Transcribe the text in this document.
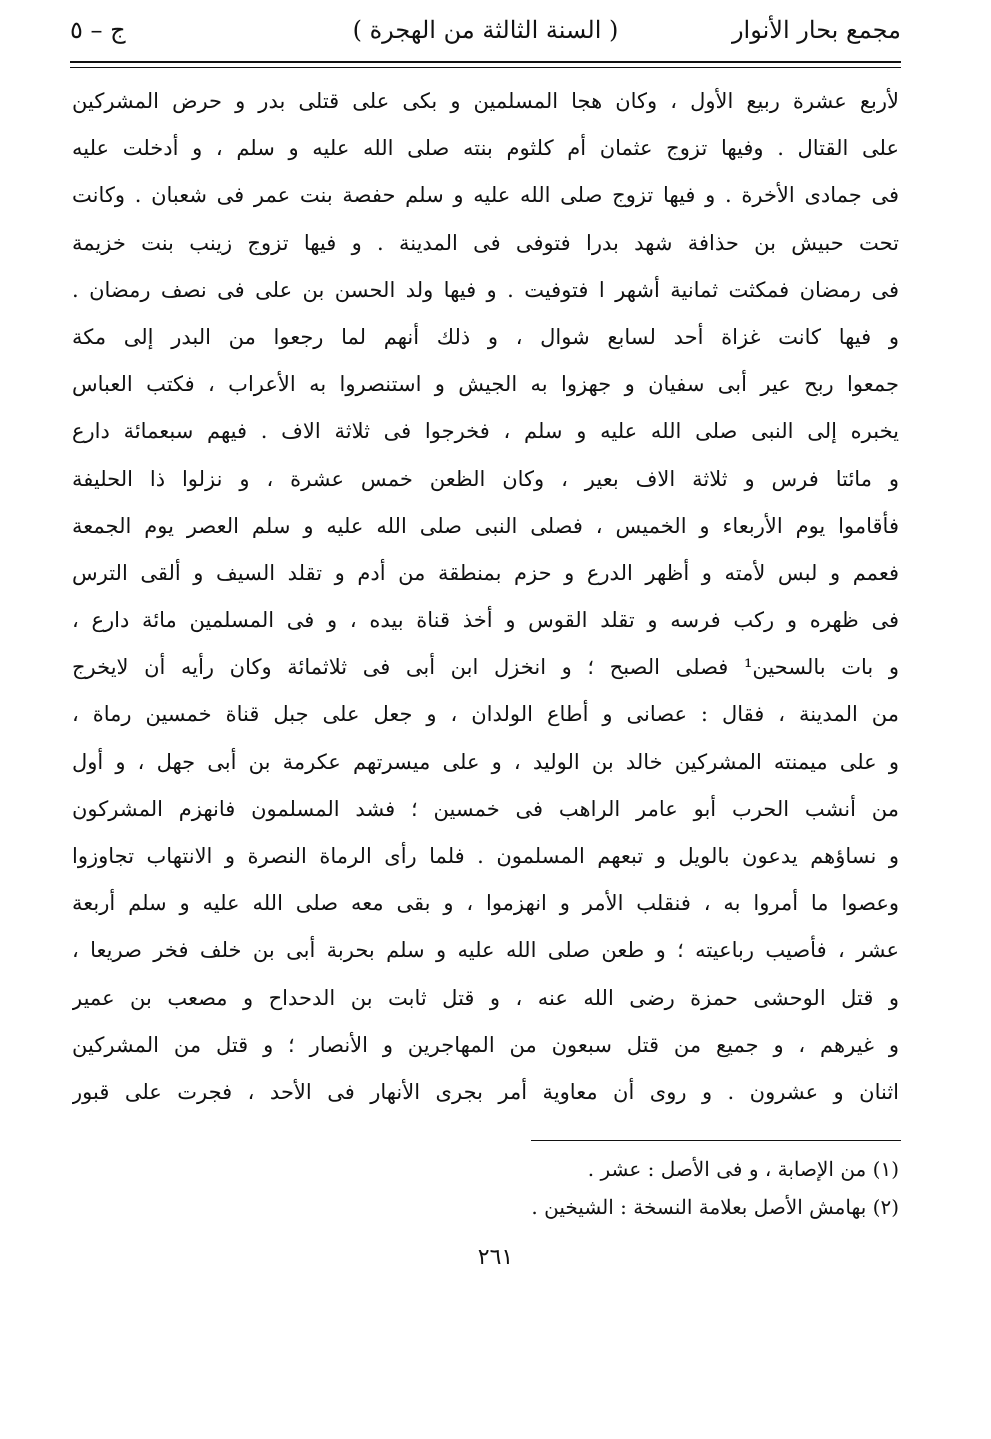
مجمع بحار الأنوار
( السنة الثالثة من الهجرة )
ج – ٥
لأربع عشرة ربيع الأول ، وكان هجا المسلمين و بكى على قتلى بدر و حرض المشركين
على القتال . وفيها تزوج عثمان أم كلثوم بنته صلى الله عليه و سلم ، و أدخلت عليه
فى جمادى الأخرة . و فيها تزوج صلى الله عليه و سلم حفصة بنت عمر فى شعبان . وكانت
تحت حبيش بن حذافة شهد بدرا فتوفى فى المدينة . و فيها تزوج زينب بنت خزيمة
فى رمضان فمكثت ثمانية أشهر ا فتوفيت . و فيها ولد الحسن بن على فى نصف رمضان .
و فيها كانت غزاة أحد لسابع شوال ، و ذلك أنهم لما رجعوا من البدر إلى مكة
جمعوا ربح عير أبى سفيان و جهزوا به الجيش و استنصروا به الأعراب ، فكتب العباس
يخبره إلى النبى صلى الله عليه و سلم ، فخرجوا فى ثلاثة الاف . فيهم سبعمائة دارع
و مائتا فرس و ثلاثة الاف بعير ، وكان الظعن خمس عشرة ، و نزلوا ذا الحليفة
فأقاموا يوم الأربعاء و الخميس ، فصلى النبى صلى الله عليه و سلم العصر يوم الجمعة
فعمم و لبس لأمته و أظهر الدرع و حزم بمنطقة من أدم و تقلد السيف و ألقى الترس
فى ظهره و ركب فرسه و تقلد القوس و أخذ قناة بيده ، و فى المسلمين مائة دارع ،
و بات بالسحين¹ فصلى الصبح ؛ و انخزل ابن أبى فى ثلاثمائة وكان رأيه أن لايخرج
من المدينة ، فقال : عصانى و أطاع الولدان ، و جعل على جبل قناة خمسين رماة ،
و على ميمنته المشركين خالد بن الوليد ، و على ميسرتهم عكرمة بن أبى جهل ، و أول
من أنشب الحرب أبو عامر الراهب فى خمسين ؛ فشد المسلمون فانهزم المشركون
و نساؤهم يدعون بالويل و تبعهم المسلمون . فلما رأى الرماة النصرة و الانتهاب تجاوزوا
وعصوا ما أمروا به ، فنقلب الأمر و انهزموا ، و بقى معه صلى الله عليه و سلم أربعة
عشر ، فأصيب رباعيته ؛ و طعن صلى الله عليه و سلم بحربة أبى بن خلف فخر صريعا ،
و قتل الوحشى حمزة رضى الله عنه ، و قتل ثابت بن الدحداح و مصعب بن عمير
و غيرهم ، و جميع من قتل سبعون من المهاجرين و الأنصار ؛ و قتل من المشركين
اثنان و عشرون . و روى أن معاوية أمر بجرى الأنهار فى الأحد ، فجرت على قبور
(١) من الإصابة ، و فى الأصل : عشر .
(٢) بهامش الأصل بعلامة النسخة : الشيخين .
٢٦١
